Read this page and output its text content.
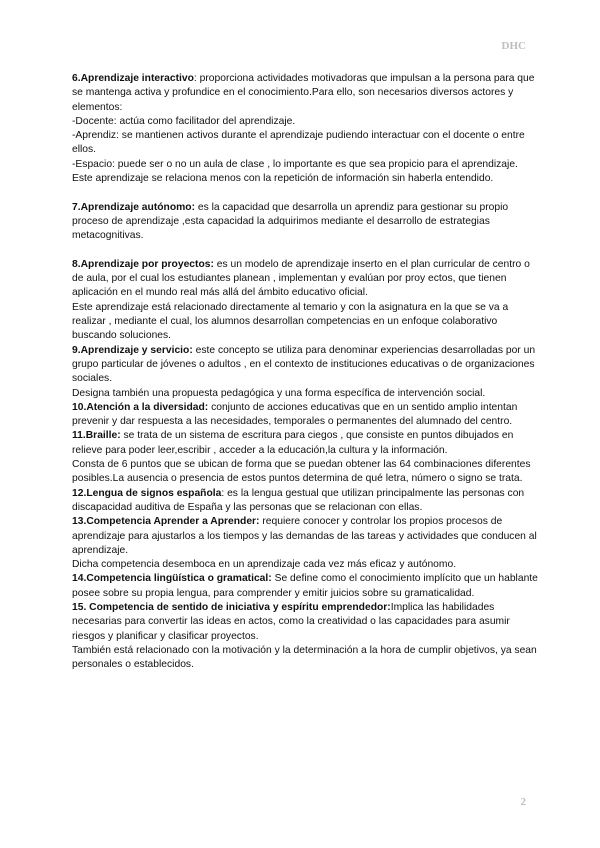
DHC

6.Aprendizaje interactivo: proporciona actividades motivadoras que impulsan a la persona para que se mantenga activa y profundice en el conocimiento.Para ello, son necesarios diversos actores y elementos:

-Docente: actúa como facilitador del aprendizaje.

-Aprendiz: se mantienen activos durante el aprendizaje pudiendo interactuar con el docente o entre ellos.

-Espacio: puede ser o no un aula de clase , lo importante es que sea propicio para el aprendizaje.

Este aprendizaje se relaciona menos con la repetición de información sin haberla entendido.

7.Aprendizaje autónomo: es la capacidad que desarrolla un aprendiz para gestionar su propio proceso de aprendizaje ,esta capacidad la adquirimos mediante el desarrollo de estrategias metacognitivas.

8.Aprendizaje por proyectos: es un modelo de aprendizaje inserto en el plan curricular de centro o de aula, por el cual los estudiantes planean , implementan y evalúan por proy ectos, que tienen aplicación en el mundo real más allá del ámbito educativo oficial.

Este aprendizaje está relacionado directamente al temario y con la asignatura en la que se va a realizar , mediante el cual, los alumnos desarrollan competencias en un enfoque colaborativo buscando soluciones.

9.Aprendizaje y servicio: este concepto se utiliza para denominar experiencias desarrolladas por un grupo particular de jóvenes o adultos , en el contexto de instituciones educativas o de organizaciones sociales.

Designa también una propuesta pedagógica y una forma específica de intervención social.

10.Atención a la diversidad: conjunto de acciones educativas que en un sentido amplio intentan prevenir y dar respuesta a las necesidades, temporales o permanentes del alumnado del centro.

11.Braille: se trata de un sistema de escritura para ciegos , que consiste en puntos dibujados en relieve para poder leer,escribir , acceder a la educación,la cultura y la información.

Consta de 6 puntos que se ubican de forma que se puedan obtener las 64 combinaciones diferentes posibles.La ausencia o presencia de estos puntos determina de qué letra, número o signo se trata.

12.Lengua de signos española: es la lengua gestual que utilizan principalmente las personas con discapacidad auditiva de España y las personas que se relacionan con ellas.

13.Competencia Aprender a Aprender: requiere conocer y controlar los propios procesos de aprendizaje para ajustarlos a los tiempos y las demandas de las tareas y actividades que conducen al aprendizaje.

Dicha competencia desemboca en un aprendizaje cada vez más eficaz y autónomo.

14.Competencia lingüística o gramatical: Se define como el conocimiento implícito que un hablante posee sobre su propia lengua, para comprender y emitir juicios sobre su gramaticalidad.

15. Competencia de sentido de iniciativa y espíritu emprendedor:Implica las habilidades necesarias para convertir las ideas en actos, como la creatividad o las capacidades para asumir riesgos y planificar y clasificar proyectos.

También está relacionado con la motivación y la determinación a la hora de cumplir objetivos, ya sean personales o establecidos.

2
